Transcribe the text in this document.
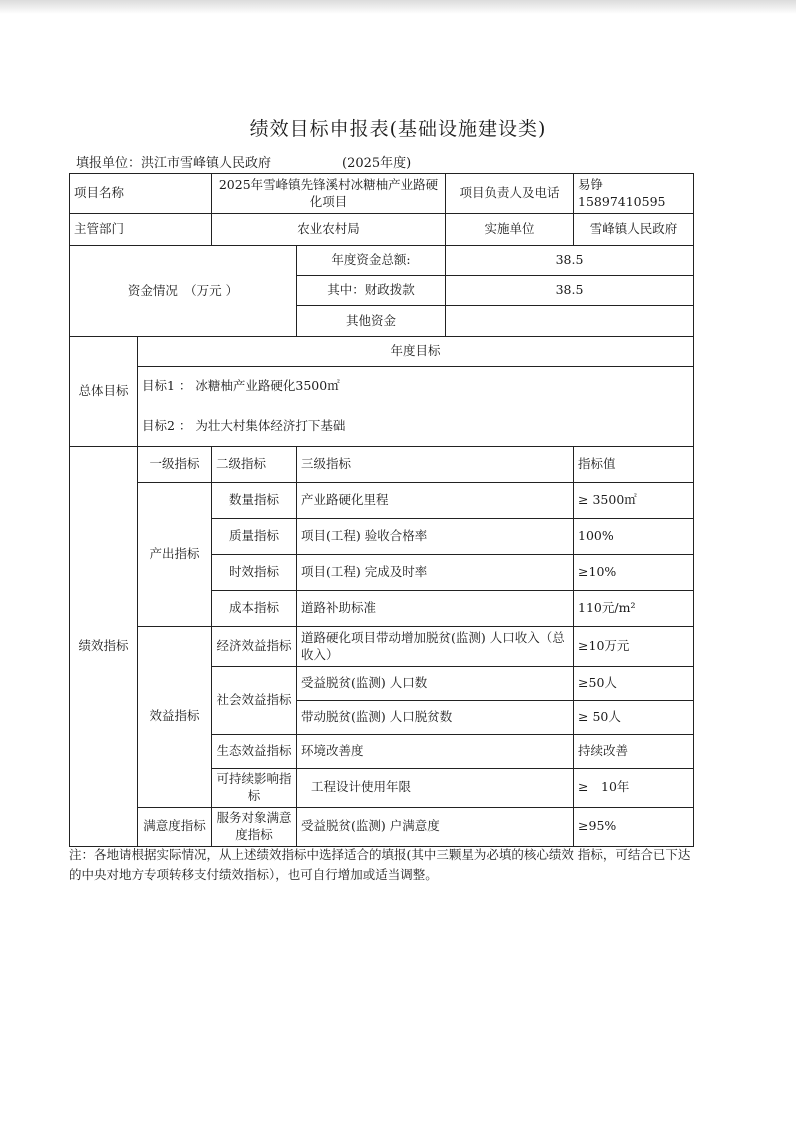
绩效目标申报表(基础设施建设类)
填报单位：洪江市雪峰镇人民政府	(2025年度)
项目名称		2025年雪峰镇先锋溪村冰糖柚产业路硬化项目		项目负责人及电话	易铮15897410595
主管部门		农业农村局		实施单位	雪峰镇人民政府
资金情况　（万元 ）			年度资金总额:	38.5	
			其中：财政拨款	38.5	
			其他资金		
总体目标	年度目标				
	目标1 ： 冰糖柚产业路硬化3500㎡				
	目标2 ： 为壮大村集体经济打下基础				
绩效指标	一级指标	二级指标	三级指标		指标值
	产出指标	数量指标	产业路硬化里程		≥ 3500㎡
		质量指标	项目(工程) 验收合格率		100%
		时效指标	项目(工程) 完成及时率		≥10%
		成本指标	道路补助标准		110元/m²
	效益指标	经济效益指标	道路硬化项目带动增加脱贫(监测) 人口收入（总收入）		≥10万元
		社会效益指标	受益脱贫(监测) 人口数		≥50人
			带动脱贫(监测) 人口脱贫数		≥ 50人
		生态效益指标	环境改善度		持续改善
		可持续影响指标	工程设计使用年限		≥　10年
	满意度指标	服务对象满意度指标	受益脱贫(监测) 户满意度		≥95%
注：各地请根据实际情况，从上述绩效指标中选择适合的填报(其中三颗星为必填的核心绩效 指标，可结合已下达的中央对地方专项转移支付绩效指标），也可自行增加或适当调整。
